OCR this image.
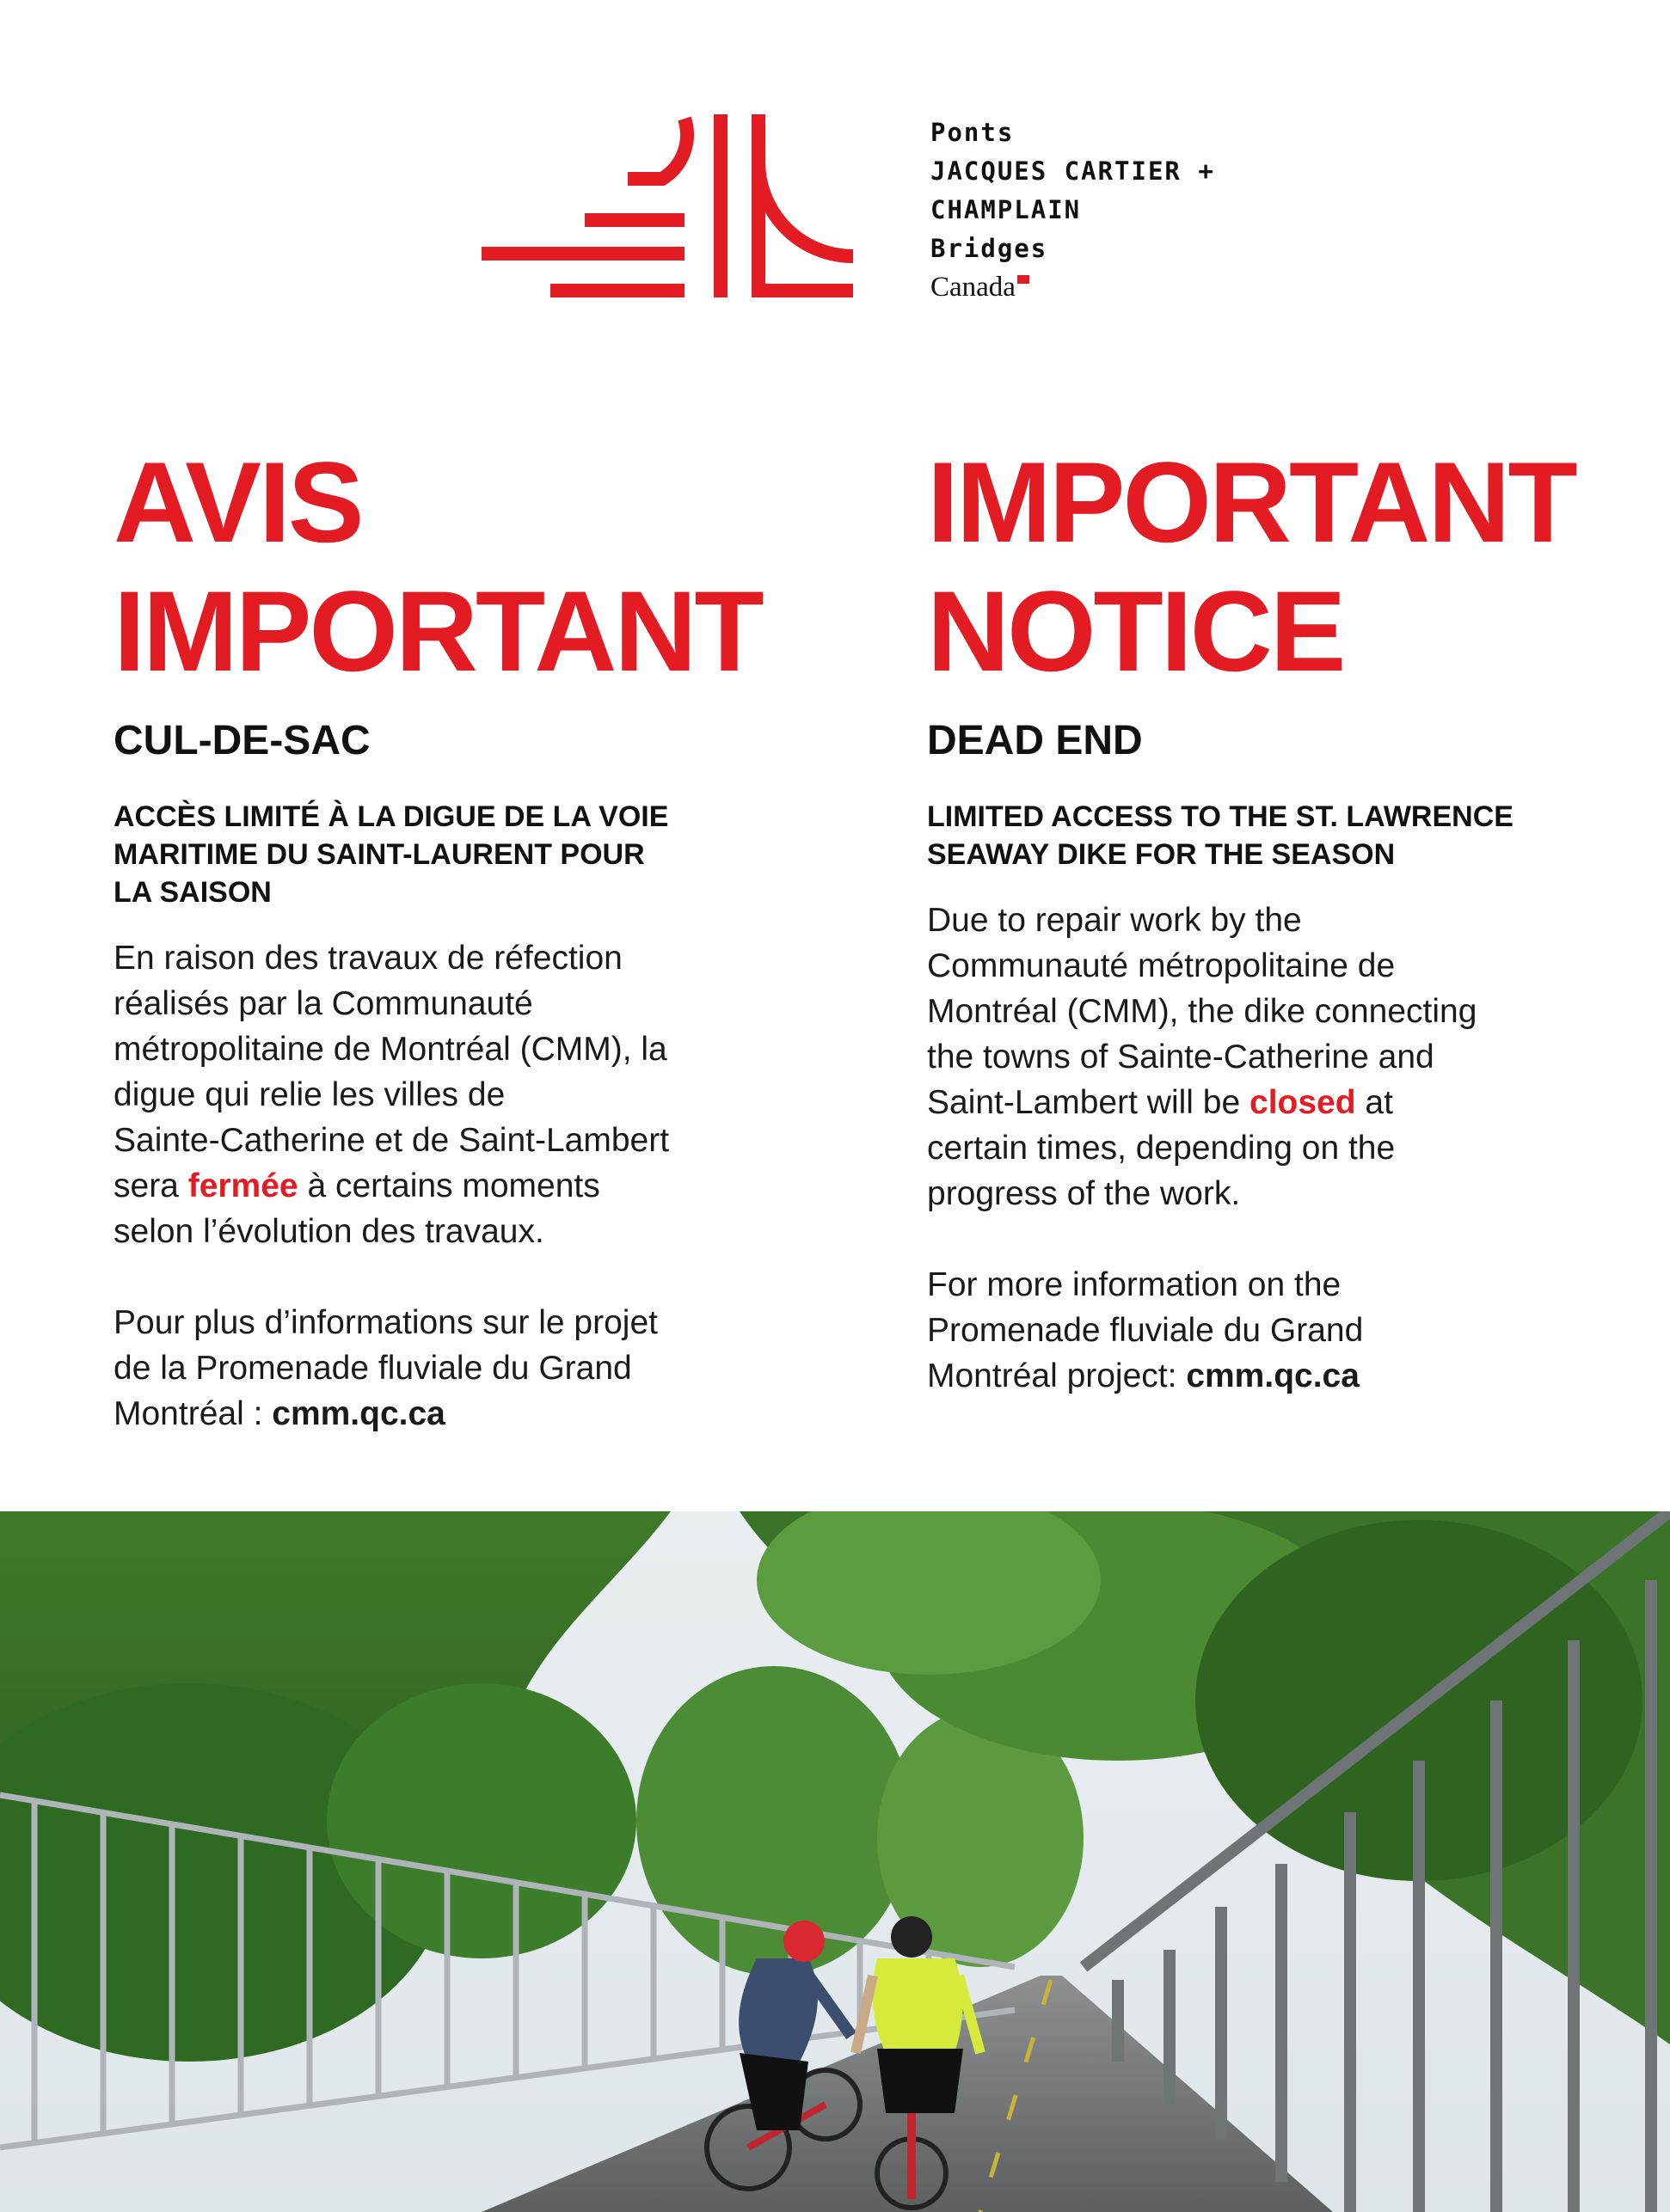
Ponts
JACQUES CARTIER +
CHAMPLAIN
Bridges
Canada
AVIS
IMPORTANT
CUL-DE-SAC
ACCÈS LIMITÉ À LA DIGUE DE LA VOIE
MARITIME DU SAINT-LAURENT POUR
LA SAISON
En raison des travaux de réfection
réalisés par la Communauté
métropolitaine de Montréal (CMM), la
digue qui relie les villes de
Sainte-Catherine et de Saint-Lambert
sera fermée à certains moments
selon l’évolution des travaux.
Pour plus d’informations sur le projet
de la Promenade fluviale du Grand
Montréal : cmm.qc.ca
IMPORTANT
NOTICE
DEAD END
LIMITED ACCESS TO THE ST. LAWRENCE
SEAWAY DIKE FOR THE SEASON
Due to repair work by the
Communauté métropolitaine de
Montréal (CMM), the dike connecting
the towns of Sainte-Catherine and
Saint-Lambert will be closed at
certain times, depending on the
progress of the work.
For more information on the
Promenade fluviale du Grand
Montréal project: cmm.qc.ca
